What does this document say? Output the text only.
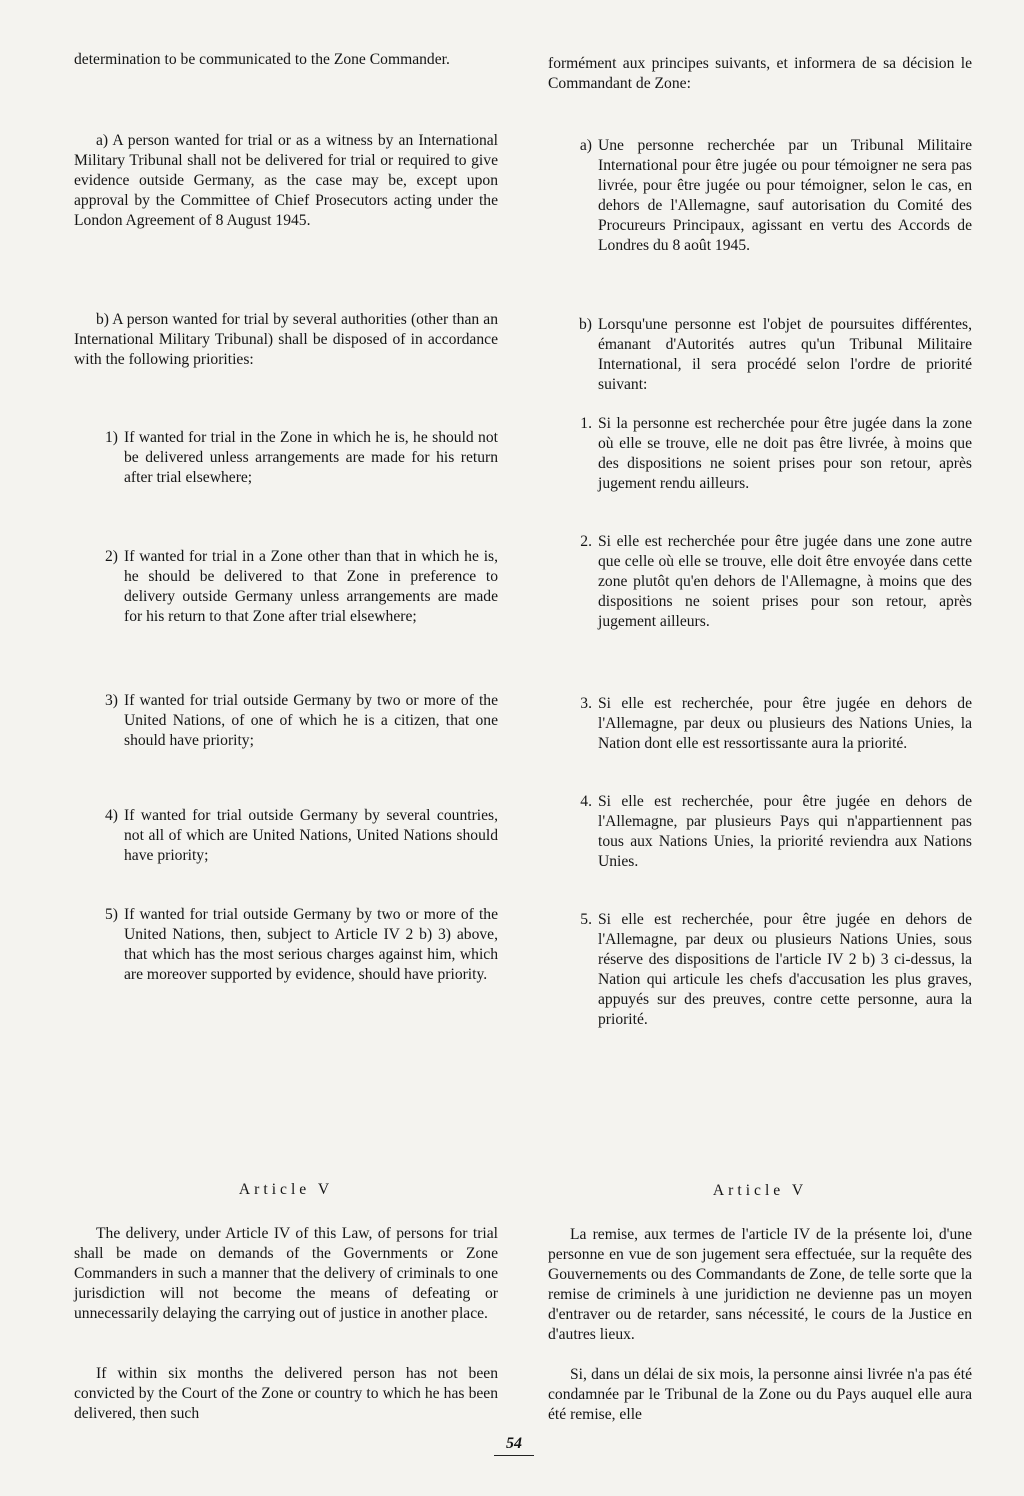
determination to be communicated to the Zone Commander.
a) A person wanted for trial or as a witness by an International Military Tribunal shall not be delivered for trial or required to give evidence outside Germany, as the case may be, except upon approval by the Committee of Chief Prosecutors acting under the London Agreement of 8 August 1945.
b) A person wanted for trial by several authorities (other than an International Military Tribunal) shall be disposed of in accordance with the following priorities:
1) If wanted for trial in the Zone in which he is, he should not be delivered unless arrangements are made for his return after trial elsewhere;
2) If wanted for trial in a Zone other than that in which he is, he should be delivered to that Zone in preference to delivery outside Germany unless arrangements are made for his return to that Zone after trial elsewhere;
3) If wanted for trial outside Germany by two or more of the United Nations, of one of which he is a citizen, that one should have priority;
4) If wanted for trial outside Germany by several countries, not all of which are United Nations, United Nations should have priority;
5) If wanted for trial outside Germany by two or more of the United Nations, then, subject to Article IV 2 b) 3) above, that which has the most serious charges against him, which are moreover supported by evidence, should have priority.
Article V
The delivery, under Article IV of this Law, of persons for trial shall be made on demands of the Governments or Zone Commanders in such a manner that the delivery of criminals to one jurisdiction will not become the means of defeating or unnecessarily delaying the carrying out of justice in another place.
If within six months the delivered person has not been convicted by the Court of the Zone or country to which he has been delivered, then such
formément aux principes suivants, et informera de sa décision le Commandant de Zone:
a) Une personne recherchée par un Tribunal Militaire International pour être jugée ou pour témoigner ne sera pas livrée, pour être jugée ou pour témoigner, selon le cas, en dehors de l'Allemagne, sauf autorisation du Comité des Procureurs Principaux, agissant en vertu des Accords de Londres du 8 août 1945.
b) Lorsqu'une personne est l'objet de poursuites différentes, émanant d'Autorités autres qu'un Tribunal Militaire International, il sera procédé selon l'ordre de priorité suivant:
1. Si la personne est recherchée pour être jugée dans la zone où elle se trouve, elle ne doit pas être livrée, à moins que des dispositions ne soient prises pour son retour, après jugement rendu ailleurs.
2. Si elle est recherchée pour être jugée dans une zone autre que celle où elle se trouve, elle doit être envoyée dans cette zone plutôt qu'en dehors de l'Allemagne, à moins que des dispositions ne soient prises pour son retour, après jugement ailleurs.
3. Si elle est recherchée, pour être jugée en dehors de l'Allemagne, par deux ou plusieurs des Nations Unies, la Nation dont elle est ressortissante aura la priorité.
4. Si elle est recherchée, pour être jugée en dehors de l'Allemagne, par plusieurs Pays qui n'appartiennent pas tous aux Nations Unies, la priorité reviendra aux Nations Unies.
5. Si elle est recherchée, pour être jugée en dehors de l'Allemagne, par deux ou plusieurs Nations Unies, sous réserve des dispositions de l'article IV 2 b) 3 ci-dessus, la Nation qui articule les chefs d'accusation les plus graves, appuyés sur des preuves, contre cette personne, aura la priorité.
Article V
La remise, aux termes de l'article IV de la présente loi, d'une personne en vue de son jugement sera effectuée, sur la requête des Gouvernements ou des Commandants de Zone, de telle sorte que la remise de criminels à une juridiction ne devienne pas un moyen d'entraver ou de retarder, sans nécessité, le cours de la Justice en d'autres lieux.
Si, dans un délai de six mois, la personne ainsi livrée n'a pas été condamnée par le Tribunal de la Zone ou du Pays auquel elle aura été remise, elle
54
